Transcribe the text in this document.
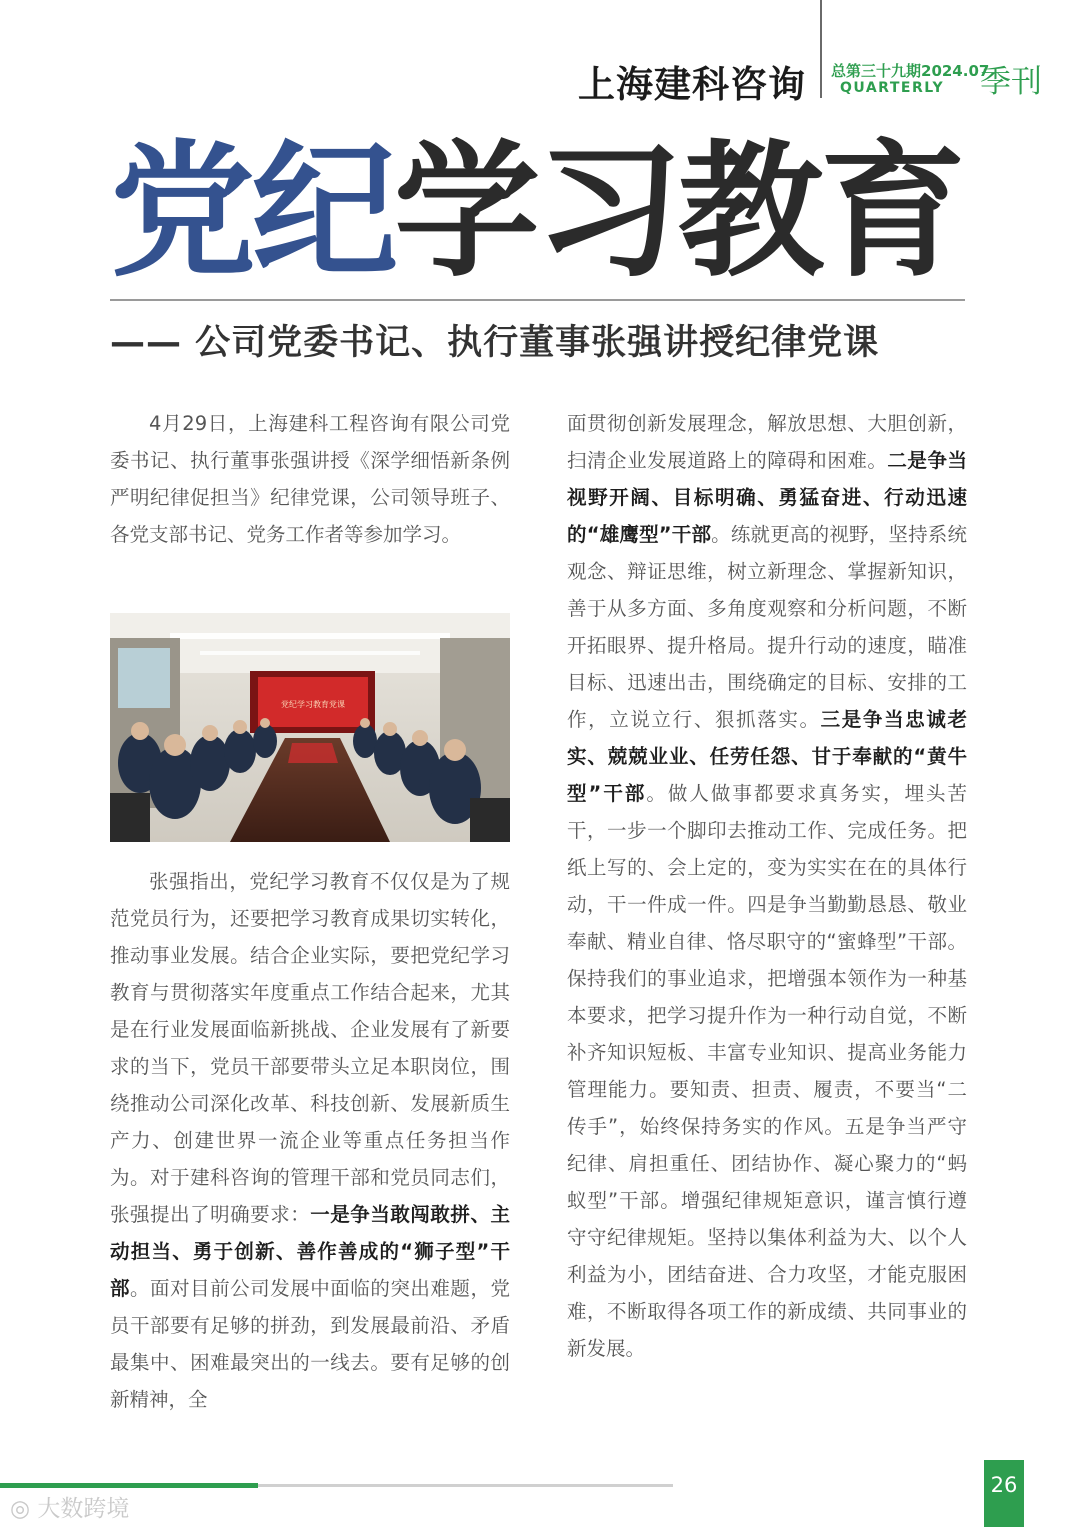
上海建科咨询 总第三十九期2024.07
QUARTERLY 季刊
党纪学习教育
—— 公司党委书记、执行董事张强讲授纪律党课

4月29日，上海建科工程咨询有限公司党委书记、执行董事张强讲授《深学细悟新条例 严明纪律促担当》纪律党课，公司领导班子、各党支部书记、党务工作者等参加学习。

党纪学习教育党课

张强指出，党纪学习教育不仅仅是为了规范党员行为，还要把学习教育成果切实转化，推动事业发展。结合企业实际，要把党纪学习教育与贯彻落实年度重点工作结合起来，尤其是在行业发展面临新挑战、企业发展有了新要求的当下，党员干部要带头立足本职岗位，围绕推动公司深化改革、科技创新、发展新质生产力、创建世界一流企业等重点任务担当作为。对于建科咨询的管理干部和党员同志们，张强提出了明确要求：一是争当敢闯敢拼、主动担当、勇于创新、善作善成的“狮子型”干部。面对目前公司发展中面临的突出难题，党员干部要有足够的拼劲，到发展最前沿、矛盾最集中、困难最突出的一线去。要有足够的创新精神，全

面贯彻创新发展理念，解放思想、大胆创新，扫清企业发展道路上的障碍和困难。二是争当视野开阔、目标明确、勇猛奋进、行动迅速的“雄鹰型”干部。练就更高的视野，坚持系统观念、辩证思维，树立新理念、掌握新知识，善于从多方面、多角度观察和分析问题，不断开拓眼界、提升格局。提升行动的速度，瞄准目标、迅速出击，围绕确定的目标、安排的工作，立说立行、狠抓落实。三是争当忠诚老实、兢兢业业、任劳任怨、甘于奉献的“黄牛型”干部。做人做事都要求真务实，埋头苦干，一步一个脚印去推动工作、完成任务。把纸上写的、会上定的，变为实实在在的具体行动，干一件成一件。四是争当勤勤恳恳、敬业奉献、精业自律、恪尽职守的“蜜蜂型”干部。保持我们的事业追求，把增强本领作为一种基本要求，把学习提升作为一种行动自觉，不断补齐知识短板、丰富专业知识、提高业务能力管理能力。要知责、担责、履责，不要当“二传手”，始终保持务实的作风。五是争当严守纪律、肩担重任、团结协作、凝心聚力的“蚂蚁型”干部。增强纪律规矩意识，谨言慎行遵守守纪律规矩。坚持以集体利益为大、以个人利益为小，团结奋进、合力攻坚，才能克服困难，不断取得各项工作的新成绩、共同事业的新发展。

26
◎ 大数跨境
